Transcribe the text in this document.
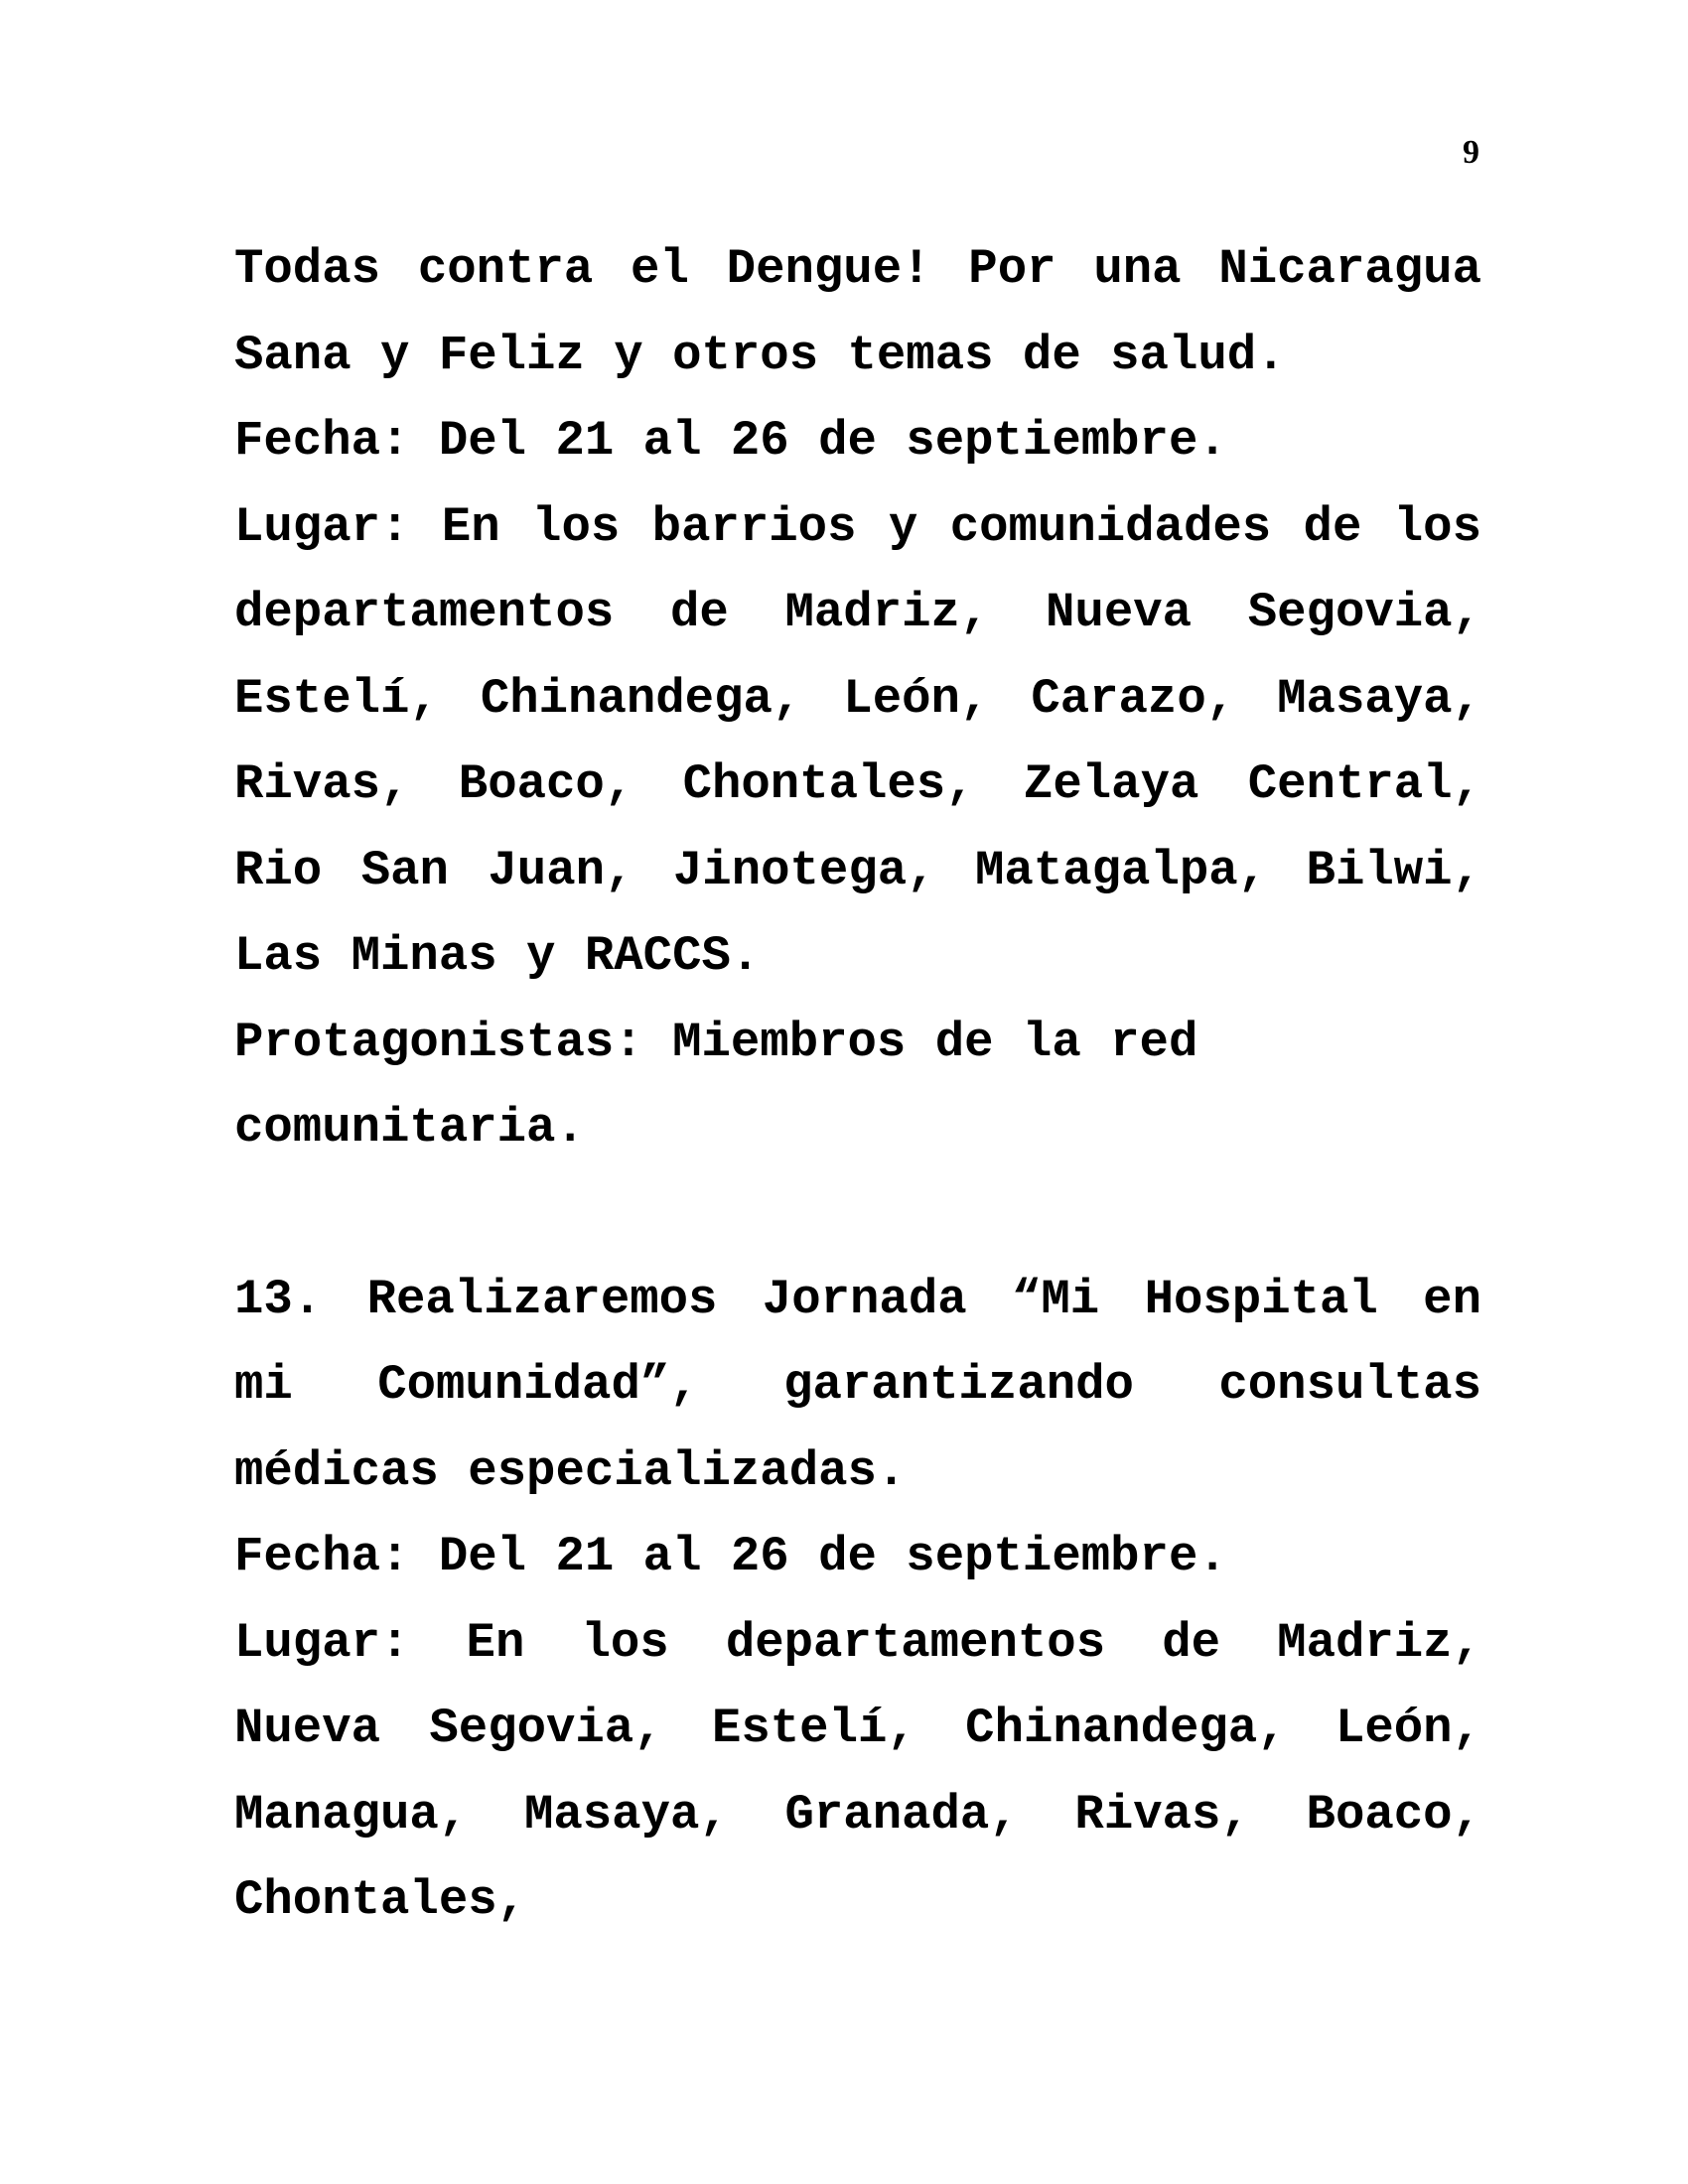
9

Todas contra el Dengue! Por una Nicaragua Sana y Feliz y otros temas de salud.

Fecha: Del 21 al 26 de septiembre.

Lugar: En los barrios y comunidades de los departamentos de Madriz, Nueva Segovia, Estelí, Chinandega, León, Carazo, Masaya, Rivas, Boaco, Chontales, Zelaya Central, Rio San Juan, Jinotega, Matagalpa, Bilwi, Las Minas y RACCS.

Protagonistas: Miembros de la red

comunitaria.

13. Realizaremos Jornada “Mi Hospital en mi Comunidad”, garantizando consultas médicas especializadas.

Fecha: Del 21 al 26 de septiembre.

Lugar: En los departamentos de Madriz, Nueva Segovia, Estelí, Chinandega, León, Managua, Masaya, Granada, Rivas, Boaco, Chontales,
